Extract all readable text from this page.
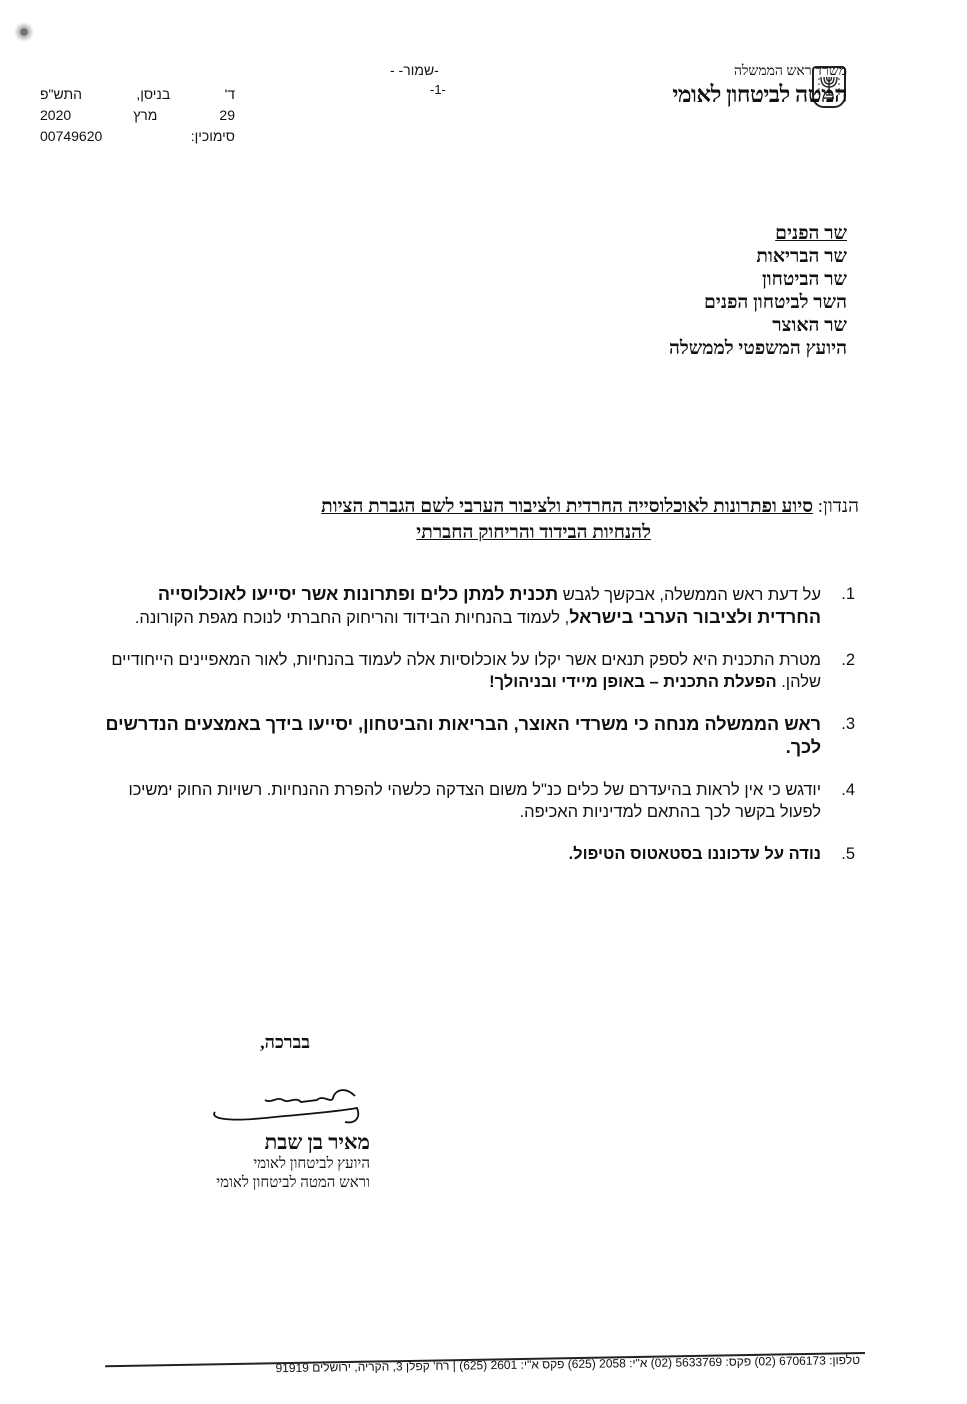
-שמור- -
-1-
ד'
בניסן,
התש"פ
29
מרץ
2020
סימוכין:
00749620
משרד ראש הממשלה
המטה לביטחון לאומי
שר הפנים
שר הבריאות
שר הביטחון
השר לביטחון הפנים
שר האוצר
היועץ המשפטי לממשלה
הנדון: סיוע ופתרונות לאוכלוסייה החרדית ולציבור הערבי לשם הגברת הציות
להנחיות הבידוד והריחוק החברתי
1.
על דעת ראש הממשלה, אבקשך לגבש תכנית למתן כלים ופתרונות אשר יסייעו לאוכלוסייה החרדית ולציבור הערבי בישראל, לעמוד בהנחיות הבידוד והריחוק החברתי לנוכח מגפת הקורונה.
2.
מטרת התכנית היא לספק תנאים אשר יקלו על אוכלוסיות אלה לעמוד בהנחיות, לאור המאפיינים הייחודיים שלהן. הפעלת התכנית – באופן מיידי ובניהולך!
3.
ראש הממשלה מנחה כי משרדי האוצר, הבריאות והביטחון, יסייעו בידך באמצעים הנדרשים לכך.
4.
יודגש כי אין לראות בהיעדרם של כלים כנ"ל משום הצדקה כלשהי להפרת ההנחיות. רשויות החוק ימשיכו לפעול בקשר לכך בהתאם למדיניות האכיפה.
5.
נודה על עדכוננו בסטאטוס הטיפול.
בברכה,
מאיר בן שבת
היועץ לביטחון לאומי
וראש המטה לביטחון לאומי
טלפון: 6706173 (02) פקס: 5633769 (02) א"י: 2058 (625) פקס א"י: 2601 (625) | רח' קפלן 3, הקריה, ירושלים 91919
